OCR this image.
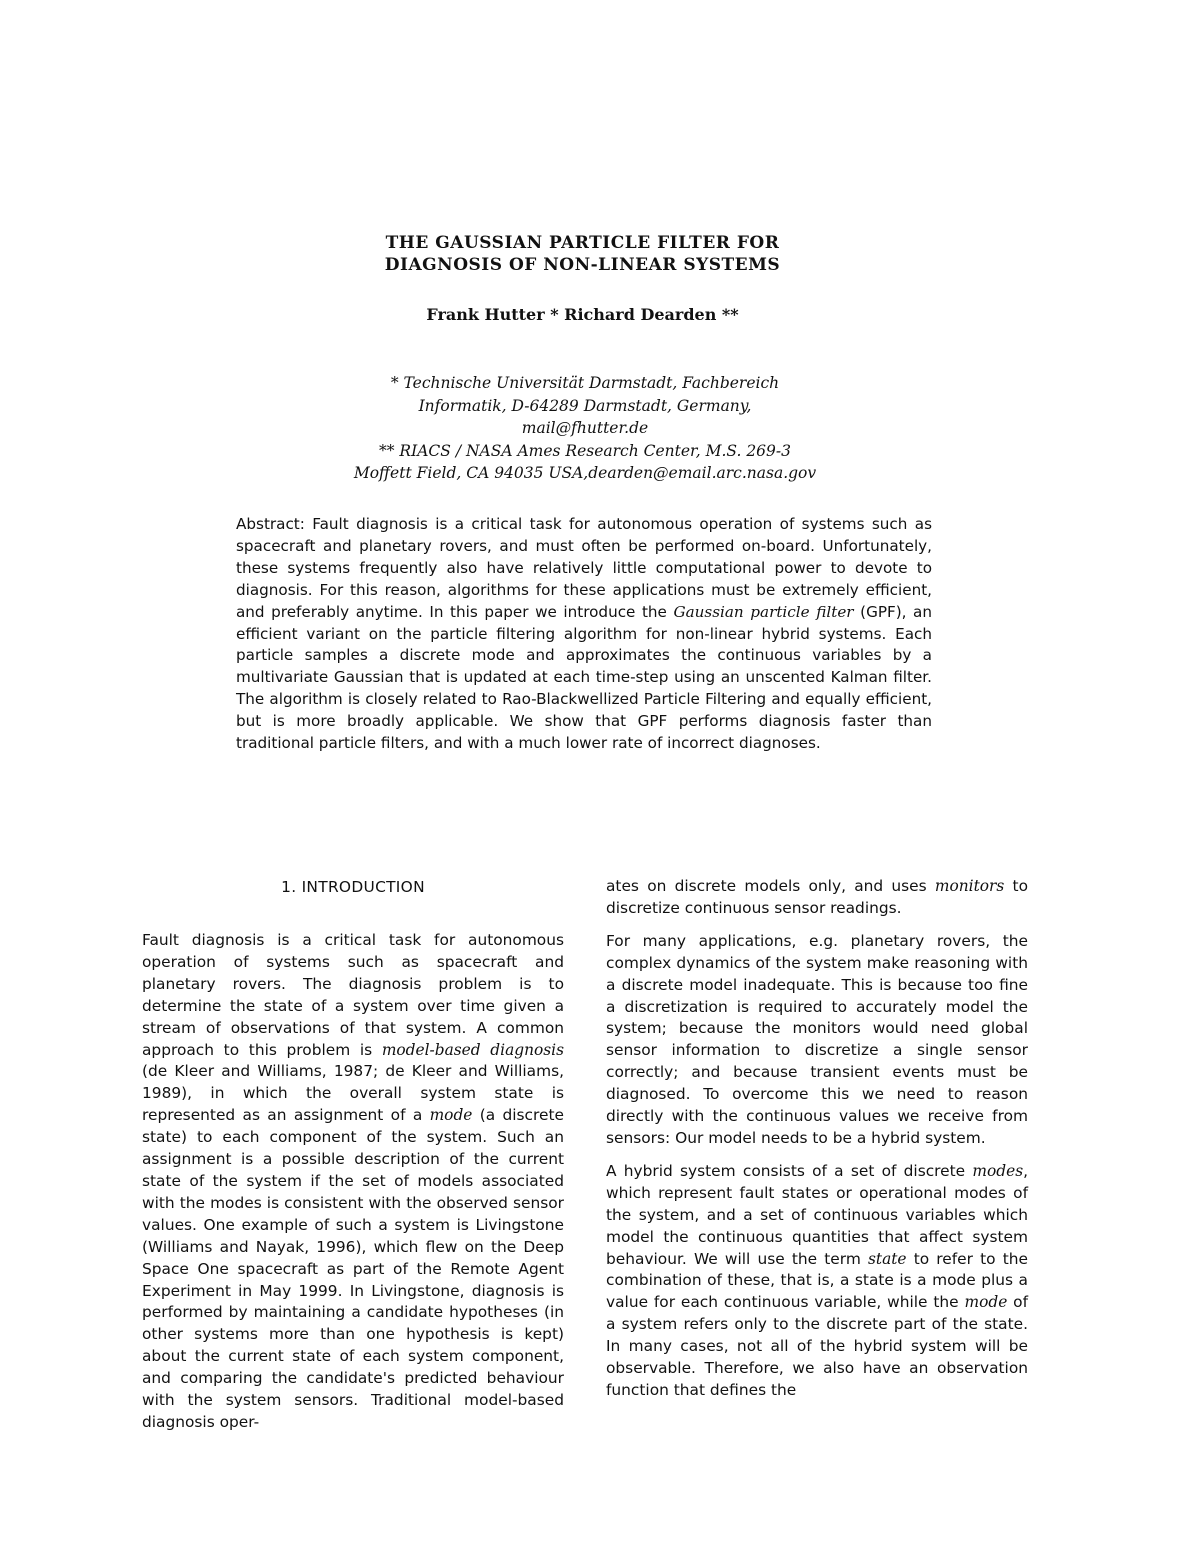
THE GAUSSIAN PARTICLE FILTER FOR
DIAGNOSIS OF NON-LINEAR SYSTEMS
Frank Hutter * Richard Dearden **
* Technische Universität Darmstadt, Fachbereich
Informatik, D-64289 Darmstadt, Germany,
mail@fhutter.de
** RIACS / NASA Ames Research Center, M.S. 269-3
Moffett Field, CA 94035 USA,dearden@email.arc.nasa.gov

Abstract: Fault diagnosis is a critical task for autonomous operation of systems such as spacecraft and planetary rovers, and must often be performed on-board. Unfortunately, these systems frequently also have relatively little computational power to devote to diagnosis. For this reason, algorithms for these applications must be extremely efficient, and preferably anytime. In this paper we introduce the Gaussian particle filter (GPF), an efficient variant on the particle filtering algorithm for non-linear hybrid systems. Each particle samples a discrete mode and approximates the continuous variables by a multivariate Gaussian that is updated at each time-step using an unscented Kalman filter. The algorithm is closely related to Rao-Blackwellized Particle Filtering and equally efficient, but is more broadly applicable. We show that GPF performs diagnosis faster than traditional particle filters, and with a much lower rate of incorrect diagnoses.

1. INTRODUCTION

Fault diagnosis is a critical task for autonomous operation of systems such as spacecraft and planetary rovers. The diagnosis problem is to determine the state of a system over time given a stream of observations of that system. A common approach to this problem is model-based diagnosis (de Kleer and Williams, 1987; de Kleer and Williams, 1989), in which the overall system state is represented as an assignment of a mode (a discrete state) to each component of the system. Such an assignment is a possible description of the current state of the system if the set of models associated with the modes is consistent with the observed sensor values. One example of such a system is Livingstone (Williams and Nayak, 1996), which flew on the Deep Space One spacecraft as part of the Remote Agent Experiment in May 1999. In Livingstone, diagnosis is performed by maintaining a candidate hypotheses (in other systems more than one hypothesis is kept) about the current state of each system component, and comparing the candidate's predicted behaviour with the system sensors. Traditional model-based diagnosis oper-

ates on discrete models only, and uses monitors to discretize continuous sensor readings.

For many applications, e.g. planetary rovers, the complex dynamics of the system make reasoning with a discrete model inadequate. This is because too fine a discretization is required to accurately model the system; because the monitors would need global sensor information to discretize a single sensor correctly; and because transient events must be diagnosed. To overcome this we need to reason directly with the continuous values we receive from sensors: Our model needs to be a hybrid system.

A hybrid system consists of a set of discrete modes, which represent fault states or operational modes of the system, and a set of continuous variables which model the continuous quantities that affect system behaviour. We will use the term state to refer to the combination of these, that is, a state is a mode plus a value for each continuous variable, while the mode of a system refers only to the discrete part of the state. In many cases, not all of the hybrid system will be observable. Therefore, we also have an observation function that defines the
